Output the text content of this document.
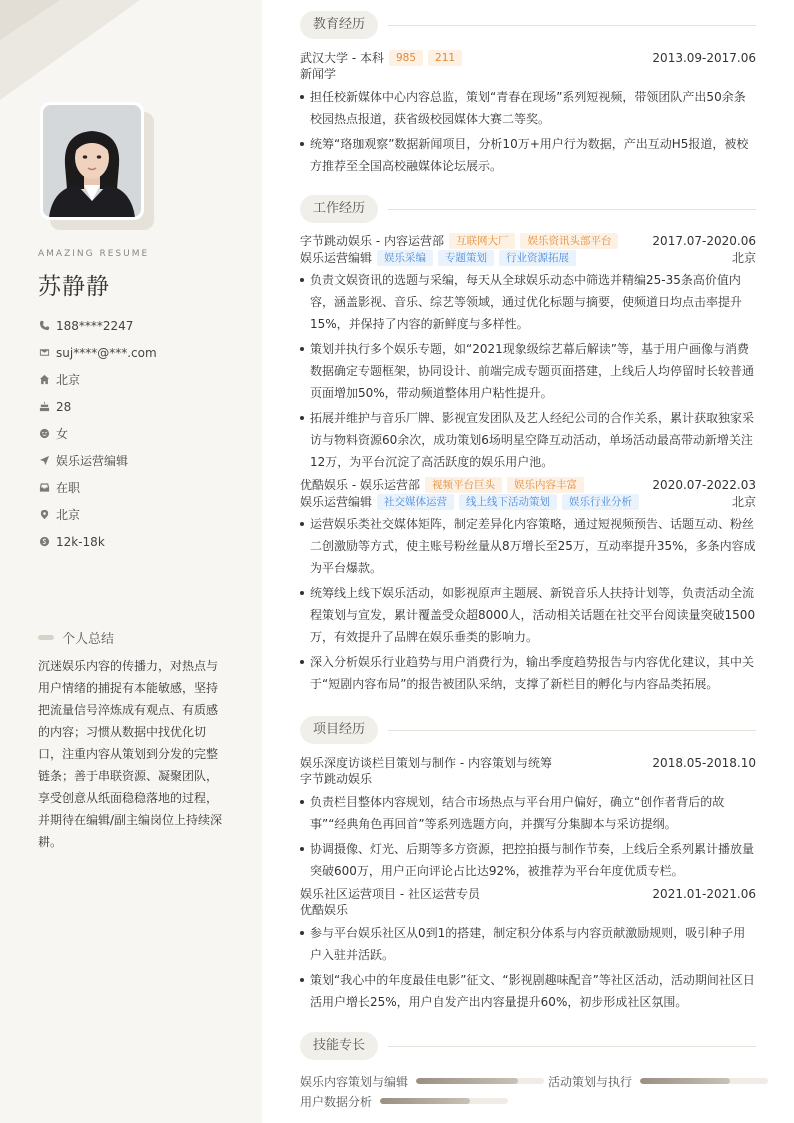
AMAZING RESUME
苏静静
188****2247
suj****@***.com
北京
28
女
娱乐运营编辑
在职
北京
12k-18k
个人总结

沉迷娱乐内容的传播力，对热点与用户情绪的捕捉有本能敏感，坚持把流量信号淬炼成有观点、有质感的内容；习惯从数据中找优化切口，注重内容从策划到分发的完整链条；善于串联资源、凝聚团队，享受创意从纸面稳稳落地的过程，并期待在编辑/副主编岗位上持续深耕。

教育经历
武汉大学 - 本科	985	211	2013.09-2017.06
新闻学

担任校新媒体中心内容总监，策划“青春在现场”系列短视频，带领团队产出50余条校园热点报道，获省级校园媒体大赛二等奖。

统筹“珞珈观察”数据新闻项目，分析10万+用户行为数据，产出互动H5报道，被校方推荐至全国高校融媒体论坛展示。

工作经历
字节跳动娱乐 - 内容运营部	互联网大厂	娱乐资讯头部平台	2017.07-2020.06
娱乐运营编辑	娱乐采编	专题策划	行业资源拓展	北京

负责文娱资讯的选题与采编，每天从全球娱乐动态中筛选并精编25-35条高价值内容，涵盖影视、音乐、综艺等领域，通过优化标题与摘要，使频道日均点击率提升15%，并保持了内容的新鲜度与多样性。

策划并执行多个娱乐专题，如“2021现象级综艺幕后解读”等，基于用户画像与消费数据确定专题框架，协同设计、前端完成专题页面搭建，上线后人均停留时长较普通页面增加50%，带动频道整体用户粘性提升。

拓展并维护与音乐厂牌、影视宣发团队及艺人经纪公司的合作关系，累计获取独家采访与物料资源60余次，成功策划6场明星空降互动活动，单场活动最高带动新增关注12万，为平台沉淀了高活跃度的娱乐用户池。

优酷娱乐 - 娱乐运营部	视频平台巨头	娱乐内容丰富	2020.07-2022.03
娱乐运营编辑	社交媒体运营	线上线下活动策划	娱乐行业分析	北京

运营娱乐类社交媒体矩阵，制定差异化内容策略，通过短视频预告、话题互动、粉丝二创激励等方式，使主账号粉丝量从8万增长至25万，互动率提升35%，多条内容成为平台爆款。

统筹线上线下娱乐活动，如影视原声主题展、新锐音乐人扶持计划等，负责活动全流程策划与宣发，累计覆盖受众超8000人，活动相关话题在社交平台阅读量突破1500万，有效提升了品牌在娱乐垂类的影响力。

深入分析娱乐行业趋势与用户消费行为，输出季度趋势报告与内容优化建议，其中关于“短剧内容布局”的报告被团队采纳，支撑了新栏目的孵化与内容品类拓展。

项目经历
娱乐深度访谈栏目策划与制作 - 内容策划与统筹	2018.05-2018.10
字节跳动娱乐

负责栏目整体内容规划，结合市场热点与平台用户偏好，确立“创作者背后的故事”“经典角色再回首”等系列选题方向，并撰写分集脚本与采访提纲。

协调摄像、灯光、后期等多方资源，把控拍摄与制作节奏，上线后全系列累计播放量突破600万，用户正向评论占比达92%，被推荐为平台年度优质专栏。

娱乐社区运营项目 - 社区运营专员	2021.01-2021.06
优酷娱乐

参与平台娱乐社区从0到1的搭建，制定积分体系与内容贡献激励规则，吸引种子用户入驻并活跃。

策划“我心中的年度最佳电影”征文、“影视剧趣味配音”等社区活动，活动期间社区日活用户增长25%，用户自发产出内容量提升60%，初步形成社区氛围。

技能专长
娱乐内容策划与编辑	活动策划与执行
用户数据分析
